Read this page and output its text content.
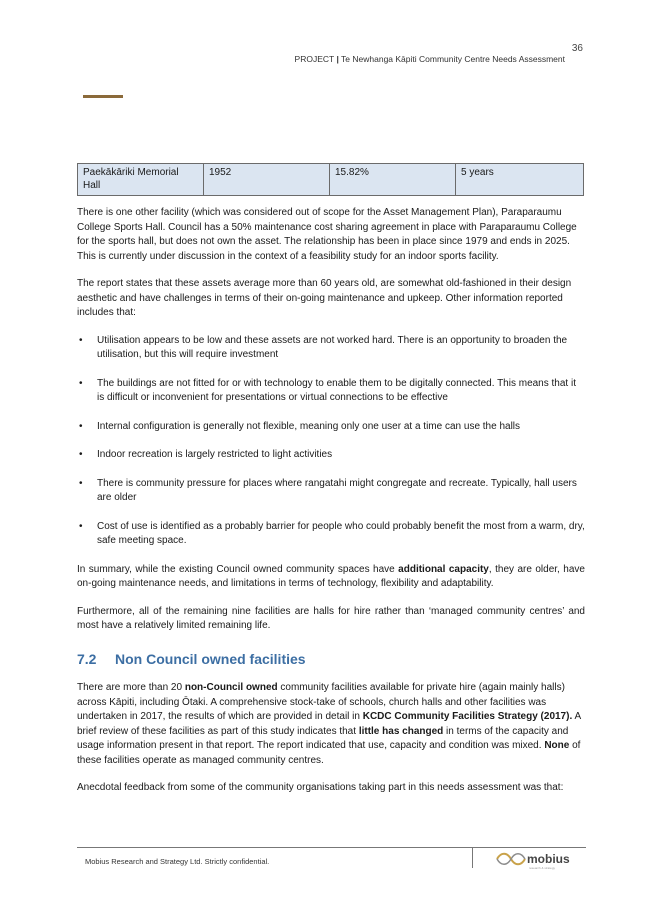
36
PROJECT | Te Newhanga Kāpiti Community Centre Needs Assessment
Paekākāriki Memorial Hall	1952	15.82%	5 years

There is one other facility (which was considered out of scope for the Asset Management Plan), Paraparaumu College Sports Hall. Council has a 50% maintenance cost sharing agreement in place with Paraparaumu College for the sports hall, but does not own the asset. The relationship has been in place since 1979 and ends in 2025. This is currently under discussion in the context of a feasibility study for an indoor sports facility.

The report states that these assets average more than 60 years old, are somewhat old-fashioned in their design aesthetic and have challenges in terms of their on-going maintenance and upkeep. Other information reported includes that:

• Utilisation appears to be low and these assets are not worked hard. There is an opportunity to broaden the utilisation, but this will require investment
• The buildings are not fitted for or with technology to enable them to be digitally connected. This means that it is difficult or inconvenient for presentations or virtual connections to be effective
• Internal configuration is generally not flexible, meaning only one user at a time can use the halls
• Indoor recreation is largely restricted to light activities
• There is community pressure for places where rangatahi might congregate and recreate. Typically, hall users are older
• Cost of use is identified as a probably barrier for people who could probably benefit the most from a warm, dry, safe meeting space.

In summary, while the existing Council owned community spaces have additional capacity, they are older, have on-going maintenance needs, and limitations in terms of technology, flexibility and adaptability.

Furthermore, all of the remaining nine facilities are halls for hire rather than ‘managed community centres’ and most have a relatively limited remaining life.

7.2 Non Council owned facilities

There are more than 20 non-Council owned community facilities available for private hire (again mainly halls) across Kāpiti, including Ōtaki. A comprehensive stock-take of schools, church halls and other facilities was undertaken in 2017, the results of which are provided in detail in KCDC Community Facilities Strategy (2017). A brief review of these facilities as part of this study indicates that little has changed in terms of the capacity and usage information present in that report. The report indicated that use, capacity and condition was mixed. None of these facilities operate as managed community centres.

Anecdotal feedback from some of the community organisations taking part in this needs assessment was that:

Mobius Research and Strategy Ltd. Strictly confidential.	mobius
research & strategy
